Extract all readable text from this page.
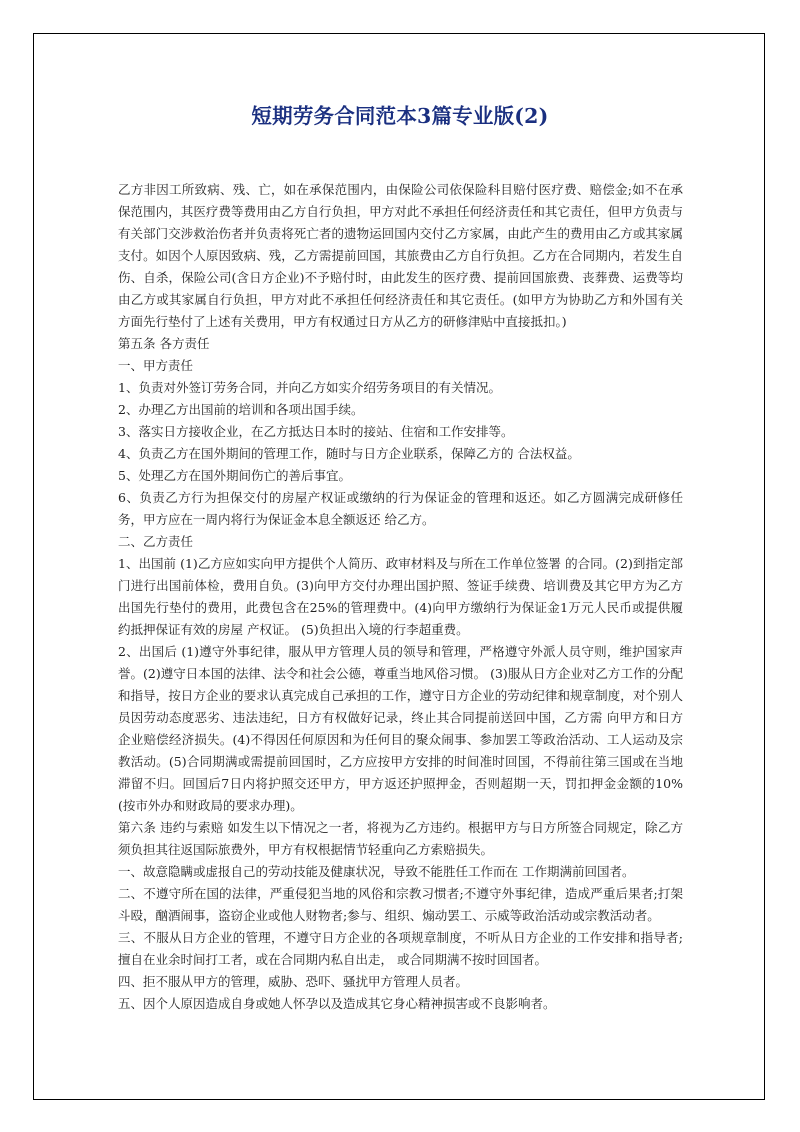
短期劳务合同范本3篇专业版(2)

乙方非因工所致病、残、亡，如在承保范围内，由保险公司依保险科目赔付医疗费、赔偿金;如不在承保范围内，其医疗费等费用由乙方自行负担，甲方对此不承担任何经济责任和其它责任，但甲方负责与有关部门交涉救治伤者并负责将死亡者的遗物运回国内交付乙方家属，由此产生的费用由乙方或其家属支付。如因个人原因致病、残，乙方需提前回国，其旅费由乙方自行负担。乙方在合同期内，若发生自伤、自杀，保险公司(含日方企业)不予赔付时，由此发生的医疗费、提前回国旅费、丧葬费、运费等均由乙方或其家属自行负担，甲方对此不承担任何经济责任和其它责任。(如甲方为协助乙方和外国有关方面先行垫付了上述有关费用，甲方有权通过日方从乙方的研修津贴中直接抵扣。)

第五条 各方责任

一、甲方责任

1、负责对外签订劳务合同，并向乙方如实介绍劳务项目的有关情况。

2、办理乙方出国前的培训和各项出国手续。

3、落实日方接收企业，在乙方抵达日本时的接站、住宿和工作安排等。

4、负责乙方在国外期间的管理工作，随时与日方企业联系，保障乙方的 合法权益。

5、处理乙方在国外期间伤亡的善后事宜。

6、负责乙方行为担保交付的房屋产权证或缴纳的行为保证金的管理和返还。如乙方圆满完成研修任务，甲方应在一周内将行为保证金本息全额返还 给乙方。

二、乙方责任

1、出国前 (1)乙方应如实向甲方提供个人简历、政审材料及与所在工作单位签署 的合同。(2)到指定部门进行出国前体检，费用自负。(3)向甲方交付办理出国护照、签证手续费、培训费及其它甲方为乙方 出国先行垫付的费用，此费包含在25%的管理费中。(4)向甲方缴纳行为保证金1万元人民币或提供履约抵押保证有效的房屋 产权证。 (5)负担出入境的行李超重费。

2、出国后 (1)遵守外事纪律，服从甲方管理人员的领导和管理，严格遵守外派人员守则，维护国家声誉。(2)遵守日本国的法律、法令和社会公德，尊重当地风俗习惯。 (3)服从日方企业对乙方工作的分配和指导，按日方企业的要求认真完成自己承担的工作，遵守日方企业的劳动纪律和规章制度，对个别人员因劳动态度恶劣、违法违纪，日方有权做好记录，终止其合同提前送回中国，乙方需 向甲方和日方企业赔偿经济损失。(4)不得因任何原因和为任何目的聚众闹事、参加罢工等政治活动、工人运动及宗教活动。(5)合同期满或需提前回国时，乙方应按甲方安排的时间准时回国，不得前往第三国或在当地滞留不归。回国后7日内将护照交还甲方，甲方返还护照押金，否则超期一天，罚扣押金金额的10%(按市外办和财政局的要求办理)。

第六条 违约与索赔 如发生以下情况之一者，将视为乙方违约。根据甲方与日方所签合同规定，除乙方须负担其往返国际旅费外，甲方有权根据情节轻重向乙方索赔损失。

一、故意隐瞒或虚报自己的劳动技能及健康状况，导致不能胜任工作而在 工作期满前回国者。

二、不遵守所在国的法律，严重侵犯当地的风俗和宗教习惯者;不遵守外事纪律，造成严重后果者;打架斗殴，酗酒闹事，盗窃企业或他人财物者;参与、组织、煽动罢工、示威等政治活动或宗教活动者。

三、不服从日方企业的管理，不遵守日方企业的各项规章制度，不听从日方企业的工作安排和指导者;擅自在业余时间打工者，或在合同期内私自出走， 或合同期满不按时回国者。

四、拒不服从甲方的管理，威胁、恐吓、骚扰甲方管理人员者。

五、因个人原因造成自身或她人怀孕以及造成其它身心精神损害或不良影响者。
